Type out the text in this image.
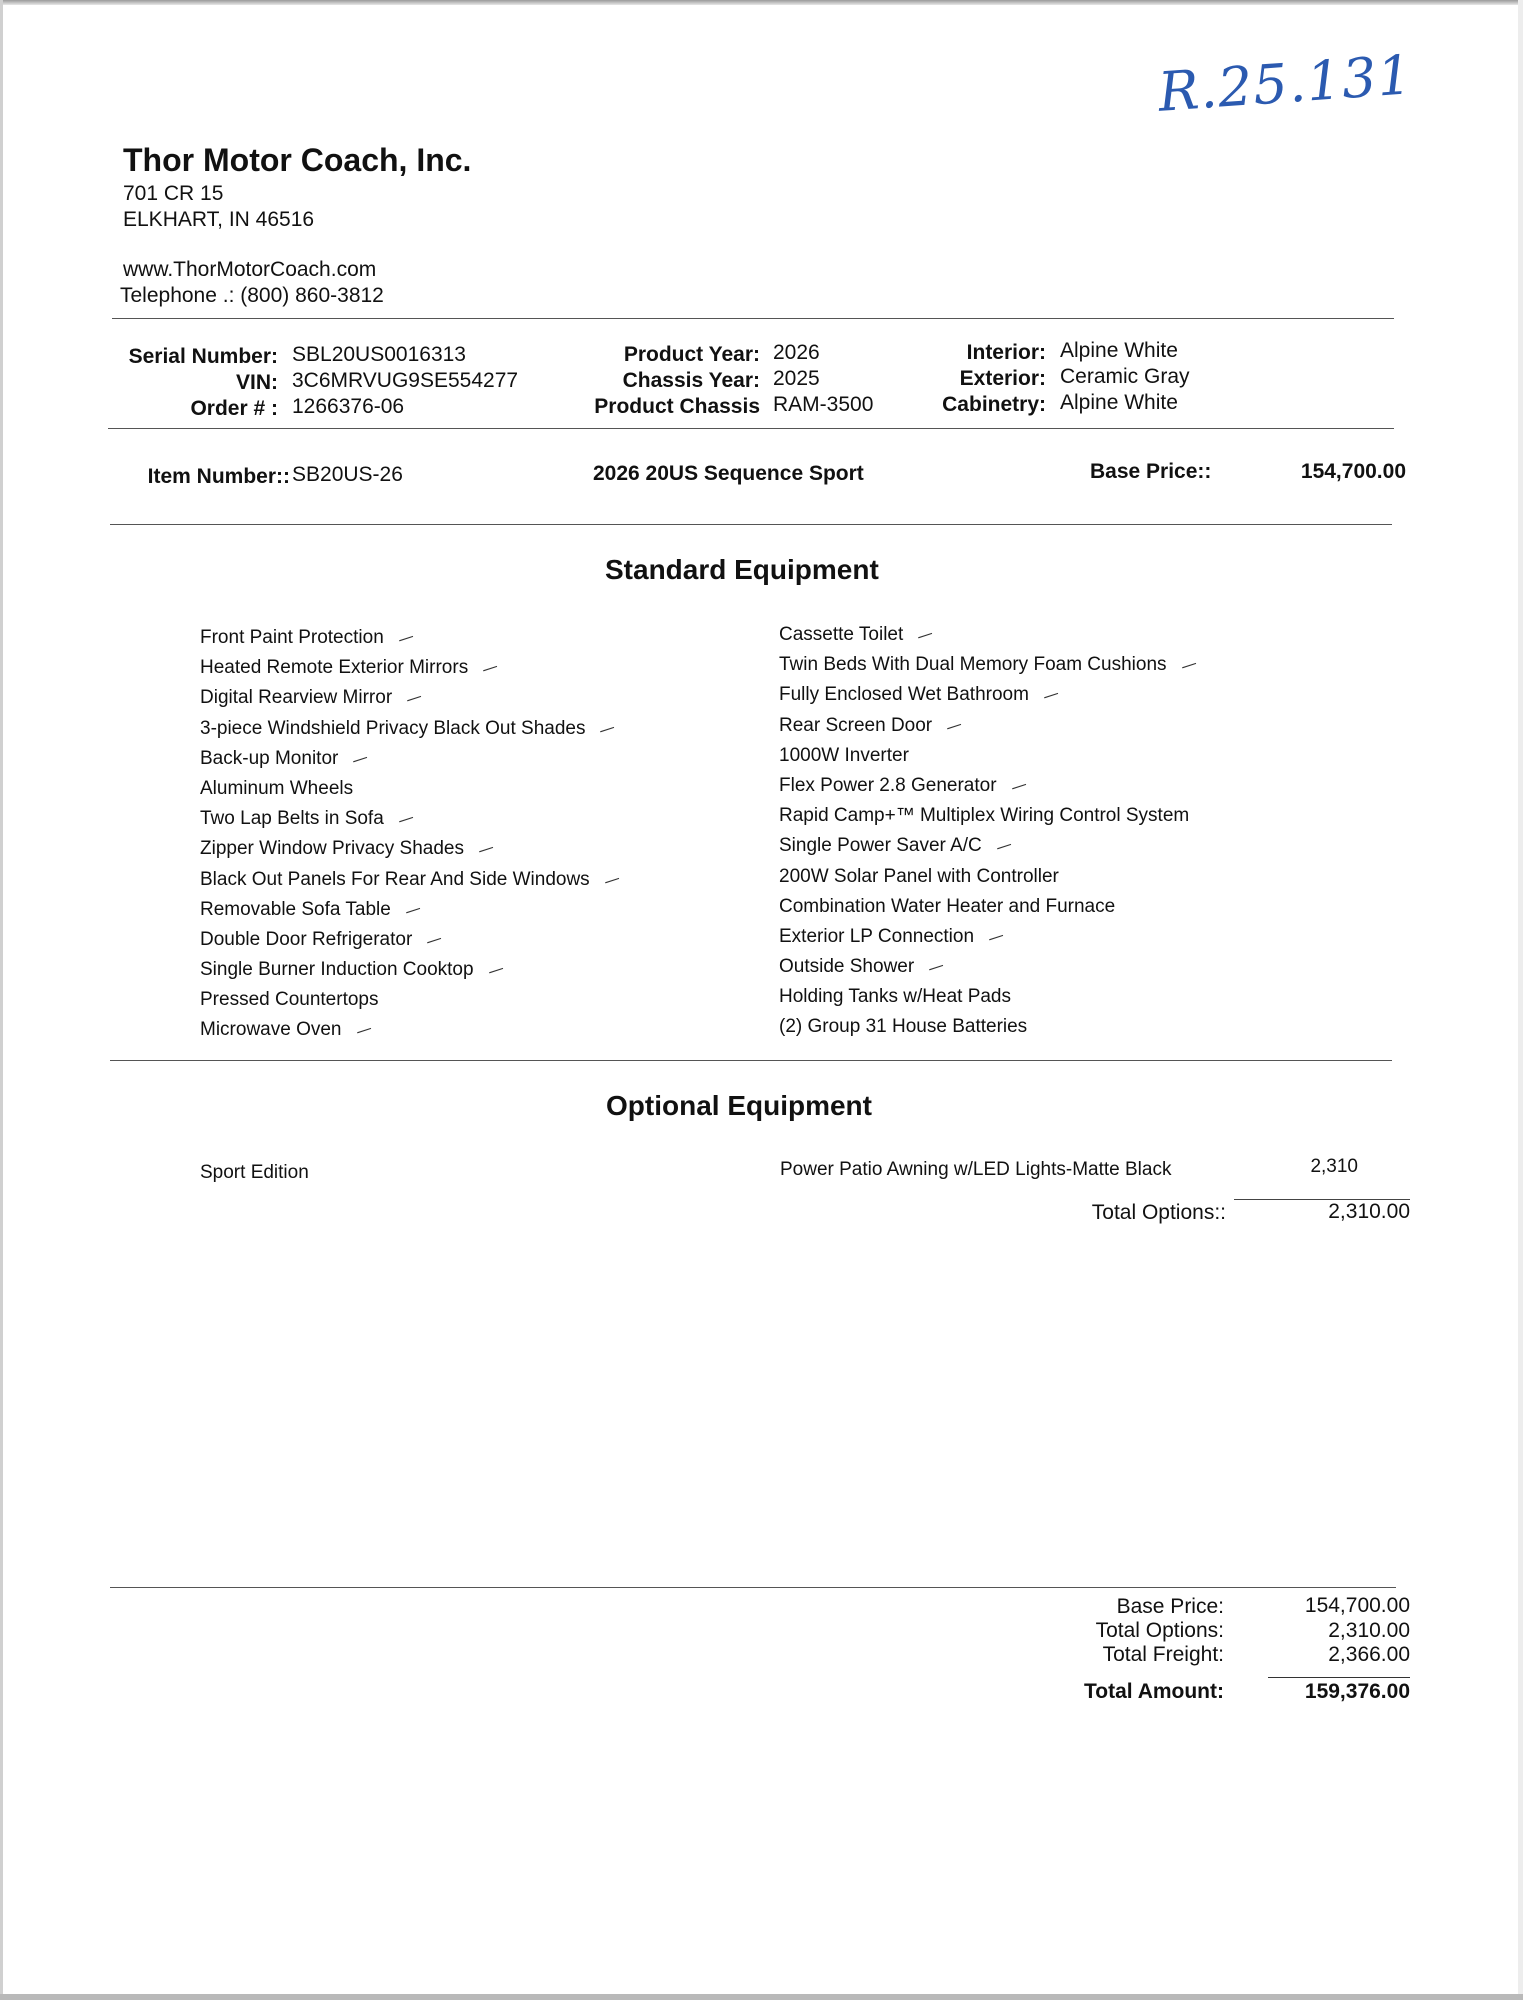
R.25.131
Thor Motor Coach, Inc.
701 CR 15
ELKHART, IN 46516
www.ThorMotorCoach.com
Telephone .: (800) 860-3812
Serial Number: SBL20US0016313
VIN: 3C6MRVUG9SE554277
Order # : 1266376-06
Product Year: 2026
Chassis Year: 2025
Product Chassis RAM-3500
Interior: Alpine White
Exterior: Ceramic Gray
Cabinetry: Alpine White
Item Number:: SB20US-26	2026 20US Sequence Sport	Base Price::	154,700.00
Standard Equipment
Front Paint Protection —
Heated Remote Exterior Mirrors —
Digital Rearview Mirror —
3-piece Windshield Privacy Black Out Shades —
Back-up Monitor —
Aluminum Wheels
Two Lap Belts in Sofa —
Zipper Window Privacy Shades —
Black Out Panels For Rear And Side Windows —
Removable Sofa Table —
Double Door Refrigerator —
Single Burner Induction Cooktop —
Pressed Countertops
Microwave Oven —
Cassette Toilet —
Twin Beds With Dual Memory Foam Cushions —
Fully Enclosed Wet Bathroom —
Rear Screen Door —
1000W Inverter
Flex Power 2.8 Generator —
Rapid Camp+™ Multiplex Wiring Control System
Single Power Saver A/C —
200W Solar Panel with Controller
Combination Water Heater and Furnace
Exterior LP Connection —
Outside Shower —
Holding Tanks w/Heat Pads
(2) Group 31 House Batteries
Optional Equipment
Sport Edition	Power Patio Awning w/LED Lights-Matte Black	2,310
Total Options::	2,310.00
Base Price:	154,700.00
Total Options:	2,310.00
Total Freight:	2,366.00
Total Amount:	159,376.00
